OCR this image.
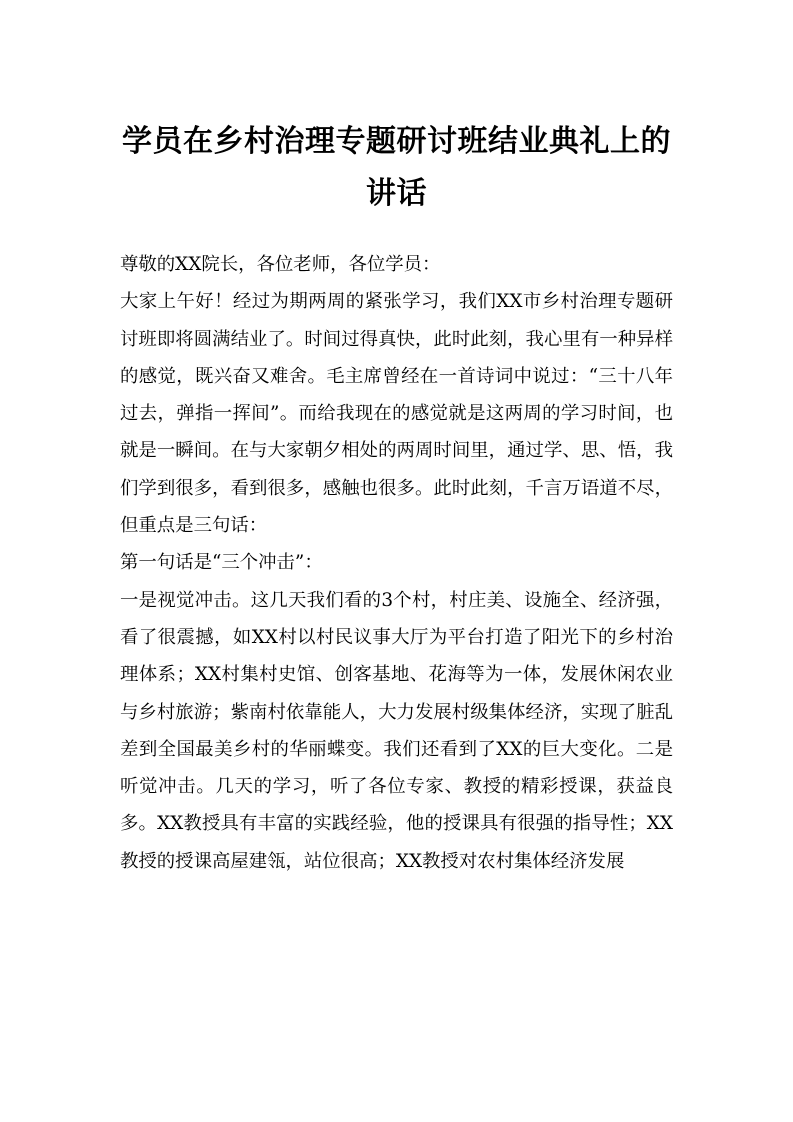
学员在乡村治理专题研讨班结业典礼上的讲话

尊敬的XX院长，各位老师，各位学员：

大家上午好！经过为期两周的紧张学习，我们XX市乡村治理专题研讨班即将圆满结业了。时间过得真快，此时此刻，我心里有一种异样的感觉，既兴奋又难舍。毛主席曾经在一首诗词中说过：“三十八年过去，弹指一挥间”。而给我现在的感觉就是这两周的学习时间，也就是一瞬间。在与大家朝夕相处的两周时间里，通过学、思、悟，我们学到很多，看到很多，感触也很多。此时此刻，千言万语道不尽，但重点是三句话：

第一句话是“三个冲击”：

一是视觉冲击。这几天我们看的3个村，村庄美、设施全、经济强，看了很震撼，如XX村以村民议事大厅为平台打造了阳光下的乡村治理体系；XX村集村史馆、创客基地、花海等为一体，发展休闲农业与乡村旅游；紫南村依靠能人，大力发展村级集体经济，实现了脏乱差到全国最美乡村的华丽蝶变。我们还看到了XX的巨大变化。二是听觉冲击。几天的学习，听了各位专家、教授的精彩授课，获益良多。XX教授具有丰富的实践经验，他的授课具有很强的指导性；XX教授的授课高屋建瓴，站位很高；XX教授对农村集体经济发展
